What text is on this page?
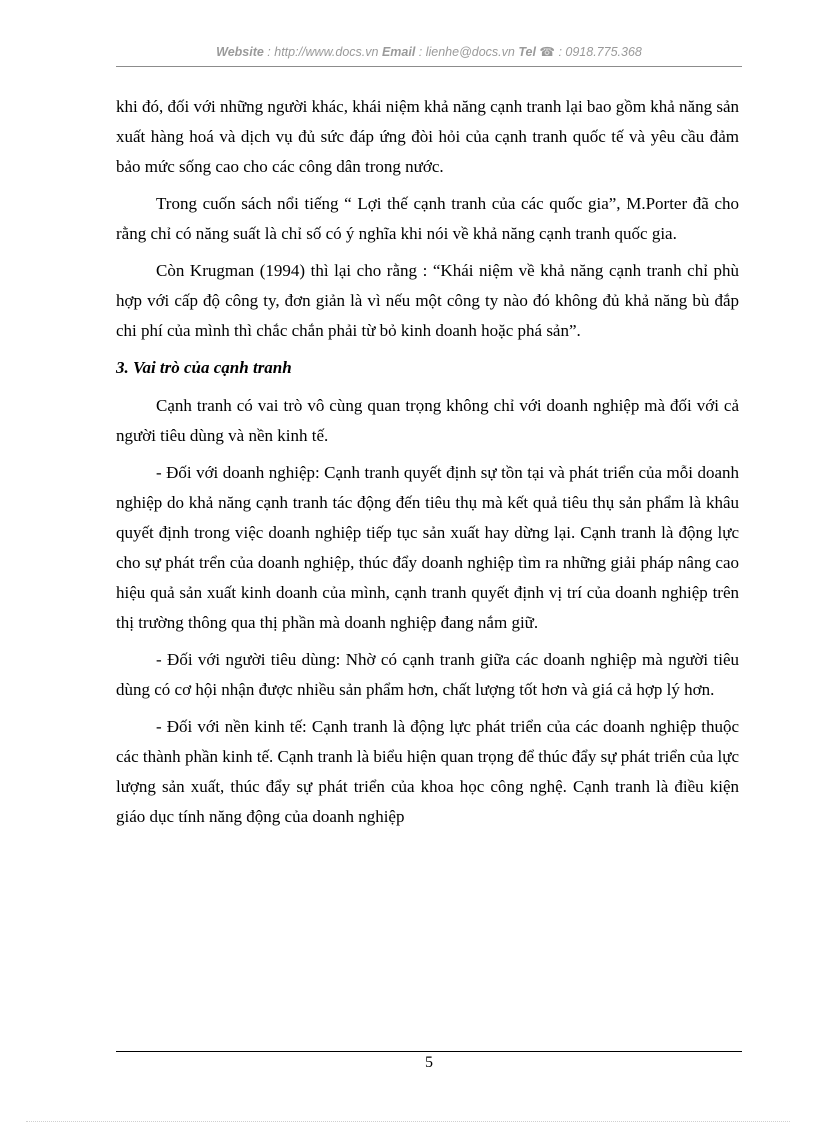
Website : http://www.docs.vn Email : lienhe@docs.vn Tel ☎ : 0918.775.368

khi đó, đối với những người khác, khái niệm khả năng cạnh tranh lại bao gồm khả năng sản xuất hàng hoá và dịch vụ đủ sức đáp ứng đòi hỏi của cạnh tranh quốc tế và yêu cầu đảm bảo mức sống cao cho các công dân trong nước.

Trong cuốn sách nổi tiếng “ Lợi thế cạnh tranh của các quốc gia”, M.Porter đã cho rằng chỉ có năng suất là chỉ số có ý nghĩa khi nói về khả năng cạnh tranh quốc gia.

Còn Krugman (1994) thì lại cho rằng : “Khái niệm về khả năng cạnh tranh chỉ phù hợp với cấp độ công ty, đơn giản là vì nếu một công ty nào đó không đủ khả năng bù đắp chi phí của mình thì chắc chắn phải từ bỏ kinh doanh hoặc phá sản”.

3. Vai trò của cạnh tranh

Cạnh tranh có vai trò vô cùng quan trọng không chỉ với doanh nghiệp mà đối với cả người tiêu dùng và nền kinh tế.

- Đối với doanh nghiệp: Cạnh tranh quyết định sự tồn tại và phát triển của mỗi doanh nghiệp do khả năng cạnh tranh tác động đến tiêu thụ mà kết quả tiêu thụ sản phẩm là khâu quyết định trong việc doanh nghiệp tiếp tục sản xuất hay dừng lại. Cạnh tranh là động lực cho sự phát trển của doanh nghiệp, thúc đẩy doanh nghiệp tìm ra những giải pháp nâng cao hiệu quả sản xuất kinh doanh của mình, cạnh tranh quyết định vị trí của doanh nghiệp trên thị trường thông qua thị phần mà doanh nghiệp đang nắm giữ.

- Đối với người tiêu dùng: Nhờ có cạnh tranh giữa các doanh nghiệp mà người tiêu dùng có cơ hội nhận được nhiều sản phẩm hơn, chất lượng tốt hơn và giá cả hợp lý hơn.

- Đối với nền kinh tế: Cạnh tranh là động lực phát triển của các doanh nghiệp thuộc các thành phần kinh tế. Cạnh tranh là biểu hiện quan trọng để thúc đẩy sự phát triển của lực lượng sản xuất, thúc đẩy sự phát triển của khoa học công nghệ. Cạnh tranh là điều kiện giáo dục tính năng động của doanh nghiệp

5
